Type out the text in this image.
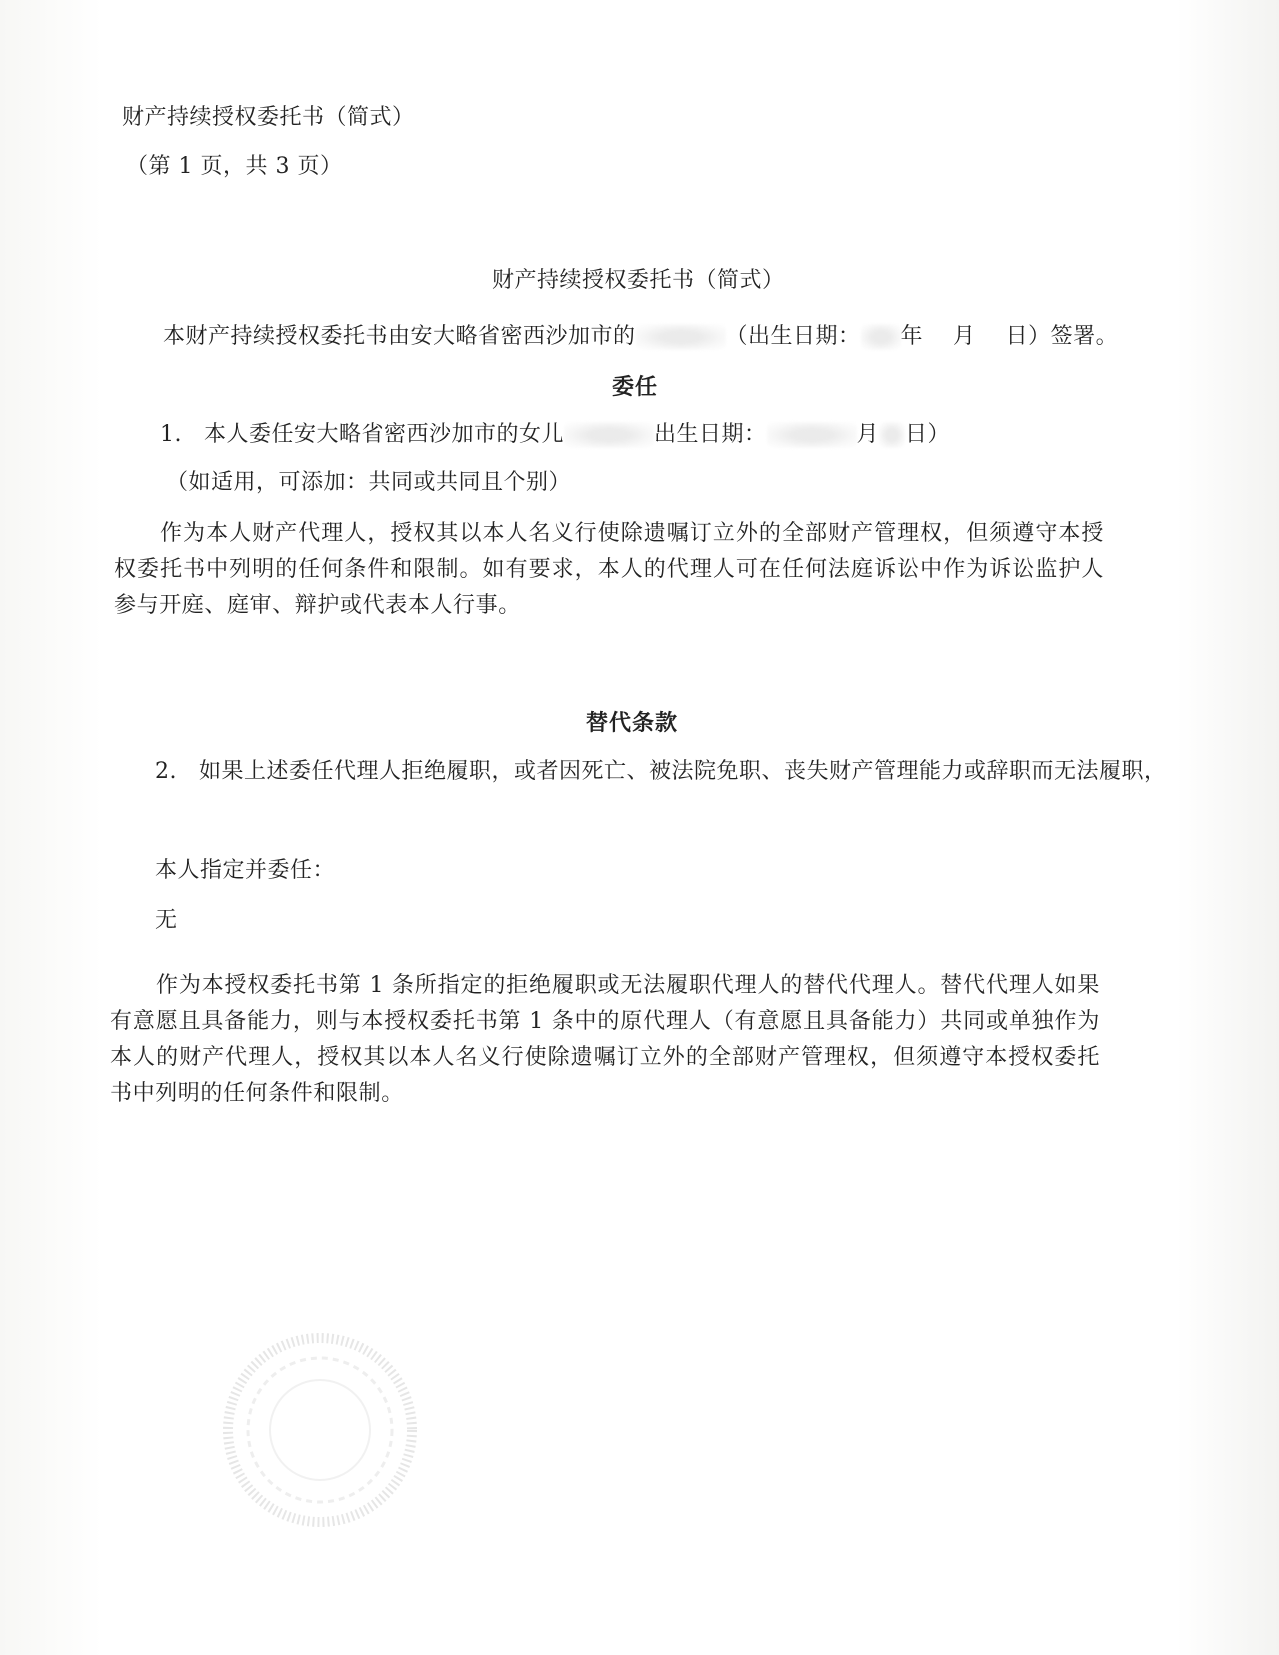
财产持续授权委托书（简式）
（第 1 页，共 3 页）
财产持续授权委托书（简式）
本财产持续授权委托书由安大略省密西沙加市的	（出生日期： 年 月 日）签署。
委任
1. 本人委任安大略省密西沙加市的女儿	出生日期：	月 日）
（如适用，可添加：共同或共同且个别）
作为本人财产代理人，授权其以本人名义行使除遗嘱订立外的全部财产管理权，但须遵守本授权委托书中列明的任何条件和限制。如有要求，本人的代理人可在任何法庭诉讼中作为诉讼监护人参与开庭、庭审、辩护或代表本人行事。
替代条款
2. 如果上述委任代理人拒绝履职，或者因死亡、被法院免职、丧失财产管理能力或辞职而无法履职，
本人指定并委任：
无
作为本授权委托书第 1 条所指定的拒绝履职或无法履职代理人的替代代理人。替代代理人如果有意愿且具备能力，则与本授权委托书第 1 条中的原代理人（有意愿且具备能力）共同或单独作为本人的财产代理人，授权其以本人名义行使除遗嘱订立外的全部财产管理权，但须遵守本授权委托书中列明的任何条件和限制。
